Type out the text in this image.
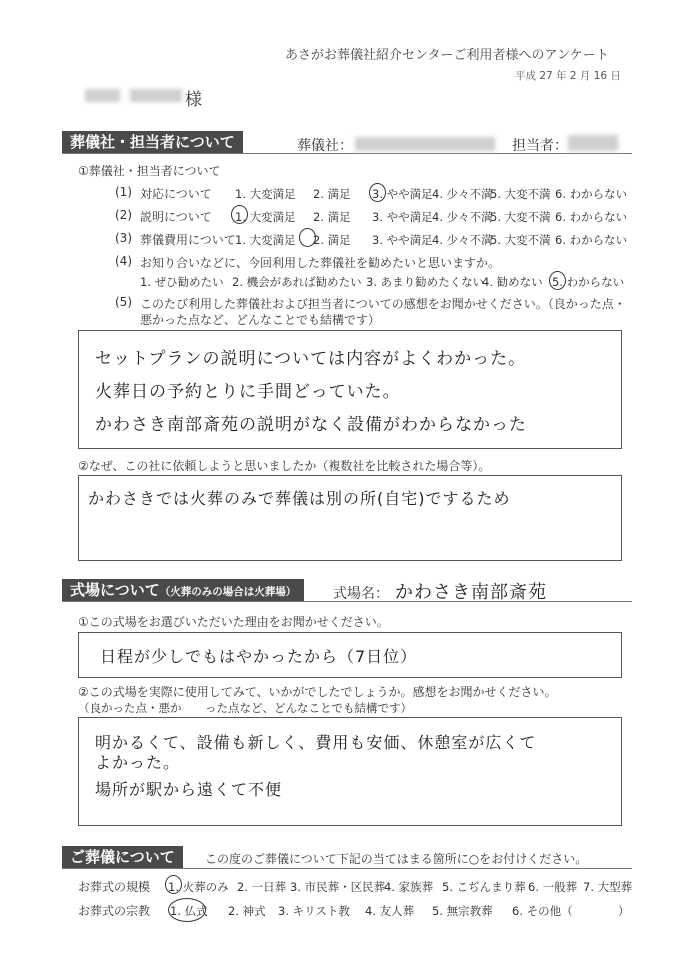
あさがお葬儀社紹介センターご利用者様へのアンケート
平成 27 年 2 月 16 日
様
葬儀社・担当者について	葬儀社：	担当者：
①葬儀社・担当者について
(1) 対応について 1. 大変満足 2. 満足 3. やや満足 4. 少々不満
5. 大変不満 6. わからない
(2) 説明について 1. 大変満足 2. 満足 3. やや満足 4. 少々不満
5. 大変不満 6. わからない
(3) 葬儀費用について 1. 大変満足 2. 満足 3. やや満足 4. 少々不満
5. 大変不満 6. わからない
(4) お知り合いなどに、今回利用した葬儀社を勧めたいと思いますか。
1. ぜひ勧めたい 2. 機会があれば勧めたい 3. あまり勧めたくない
4. 勧めない 5. わからない
(5) このたび利用した葬儀社および担当者についての感想をお聞かせください。（良かった点・
悪かった点など、どんなことでも結構です）
セットプランの説明については内容がよくわかった。
火葬日の予約とりに手間どっていた。
かわさき南部斎苑の説明がなく設備がわからなかった
②なぜ、この社に依頼しようと思いましたか（複数社を比較された場合等）。
かわさきでは火葬のみで葬儀は別の所(自宅)でするため
式場について（火葬のみの場合は火葬場）	式場名： かわさき南部斎苑
①この式場をお選びいただいた理由をお聞かせください。
日程が少しでもはやかったから（7日位）
②この式場を実際に使用してみて、いかがでしたでしょうか。感想をお聞かせください。
（良かった点・悪か った点など、どんなことでも結構です）
明かるくて、設備も新しく、費用も安価、休憩室が広くて
よかった。
場所が駅から遠くて不便
ご葬儀について	この度のご葬儀について下記の当てはまる箇所に○をお付けください。
お葬式の規模 1. 火葬のみ 2. 一日葬 3. 市民葬・区民葬
4. 家族葬 5. こぢんまり葬 6. 一般葬 7. 大型葬
お葬式の宗教 1. 仏式 2. 神式 3. キリスト教 4. 友人葬 5. 無宗教葬 6. その他（	）
